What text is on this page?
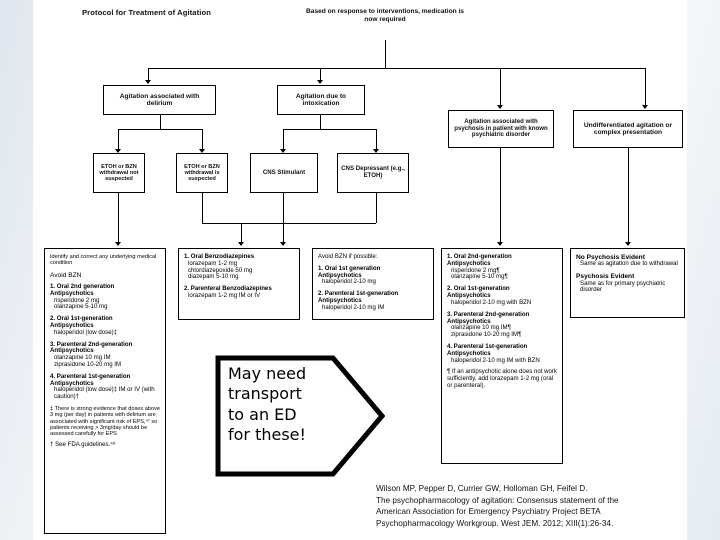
Protocol for Treatment of Agitation	Based on response to interventions, medication is now required
Agitation associated with delirium
Agitation due to intoxication
Agitation associated with psychosis in patient with known psychiatric disorder
Undifferentiated agitation or complex presentation
ETOH or BZN withdrawal not suspected
ETOH or BZN withdrawal is suspected
CNS Stimulant	CNS Depressant (e.g., ETOH)

Identify and correct any underlying medical condition

Avoid BZN

1. Oral 2nd generation

Antipsychotics

risperidone 2 mg

olanzapine 5-10 mg

2. Oral 1st-generation

Antipsychotics

haloperidol (low dose)‡

3. Parenteral 2nd-generation

Antipsychotics

olanzapine 10 mg IM

ziprasidone 10-20 mg IM

4. Parenteral 1st-generation

Antipsychotics

haloperidol (low dose)‡ IM or IV (with caution)†

‡ There is strong evidence that doses above 3 mg (per day) in patients with delirium are associated with significant risk of EPS,⁴⁷ so patients receiving > 3mg/day should be assessed carefully for EPS

† See FDA guidelines.⁴⁸

1. Oral Benzodiazepines

lorazepam 1-2 mg

chlordiazepoxide 50 mg

diazepam 5-10 mg

2. Parenteral Benzodiazepines

lorazepam 1-2 mg IM or IV

Avoid BZN if possible:

1. Oral 1st generation

Antipsychotics

haloperidol 2-10 mg

2. Parenteral 1st-generation

Antipsychotics

haloperidol 2-10 mg IM

1. Oral 2nd-generation

Antipsychotics

risperidone 2 mg¶

olanzapine 5-10 mg¶

2. Oral 1st-generation

Antipsychotics

haloperidol 2-10 mg with BZN

3. Parenteral 2nd-generation

Antipsychotics

olanzapine 10 mg IM¶

ziprasidone 10-20 mg IM¶

4. Parenteral 1st-generation

Antipsychotics

haloperidol 2-10 mg IM with BZN

¶ If an antipsychotic alone does not work sufficiently, add lorazepam 1-2 mg (oral or parenteral).

No Psychosis Evident

Same as agitation due to withdrawal

Psychosis Evident

Same as for primary psychiatric disorder

May need
transport
to an ED
for these!
Wilson MP, Pepper D, Currier GW, Holloman GH, Feifel D.
The psychopharmacology of agitation: Consensus statement of the
American Association for Emergency Psychiatry Project BETA
Psychopharmacology Workgroup. West JEM. 2012; XIII(1):26-34.
